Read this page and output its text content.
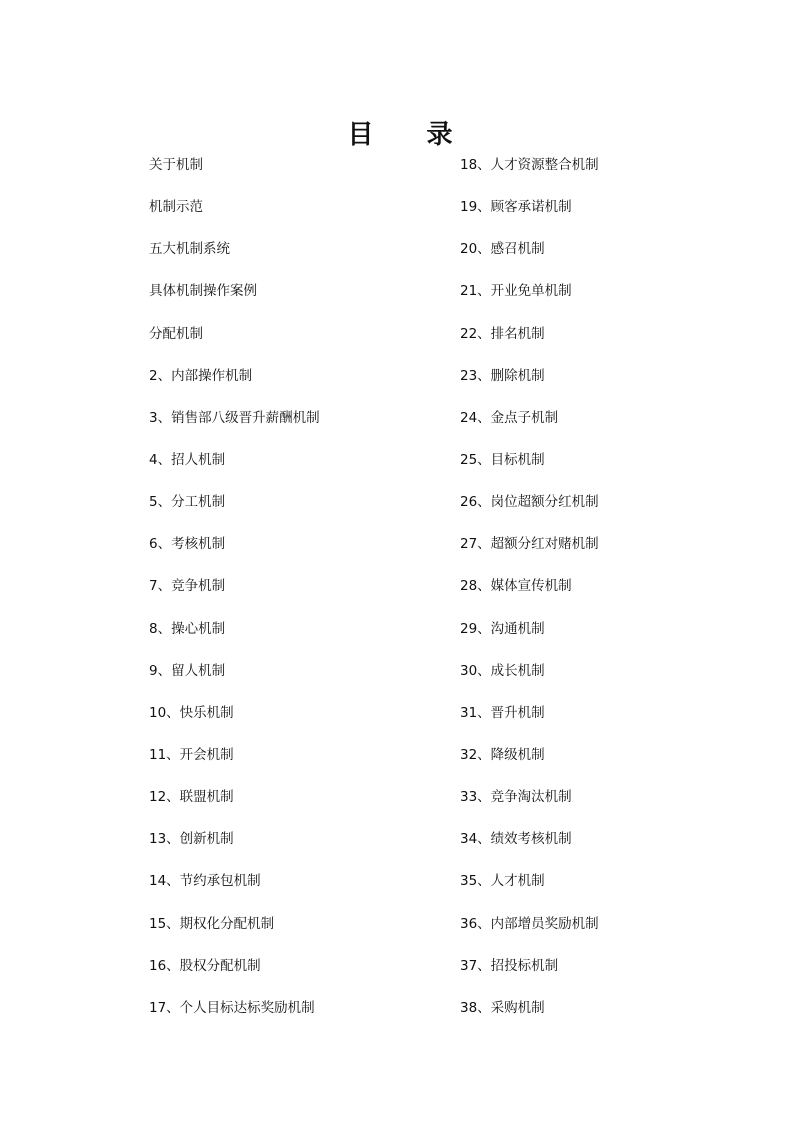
目 录
关于机制
机制示范
五大机制系统
具体机制操作案例
分配机制
2、内部操作机制
3、销售部八级晋升薪酬机制
4、招人机制
5、分工机制
6、考核机制
7、竞争机制
8、操心机制
9、留人机制
10、快乐机制
11、开会机制
12、联盟机制
13、创新机制
14、节约承包机制
15、期权化分配机制
16、股权分配机制
17、个人目标达标奖励机制
18、人才资源整合机制
19、顾客承诺机制
20、感召机制
21、开业免单机制
22、排名机制
23、删除机制
24、金点子机制
25、目标机制
26、岗位超额分红机制
27、超额分红对赌机制
28、媒体宣传机制
29、沟通机制
30、成长机制
31、晋升机制
32、降级机制
33、竞争淘汰机制
34、绩效考核机制
35、人才机制
36、内部增员奖励机制
37、招投标机制
38、采购机制
